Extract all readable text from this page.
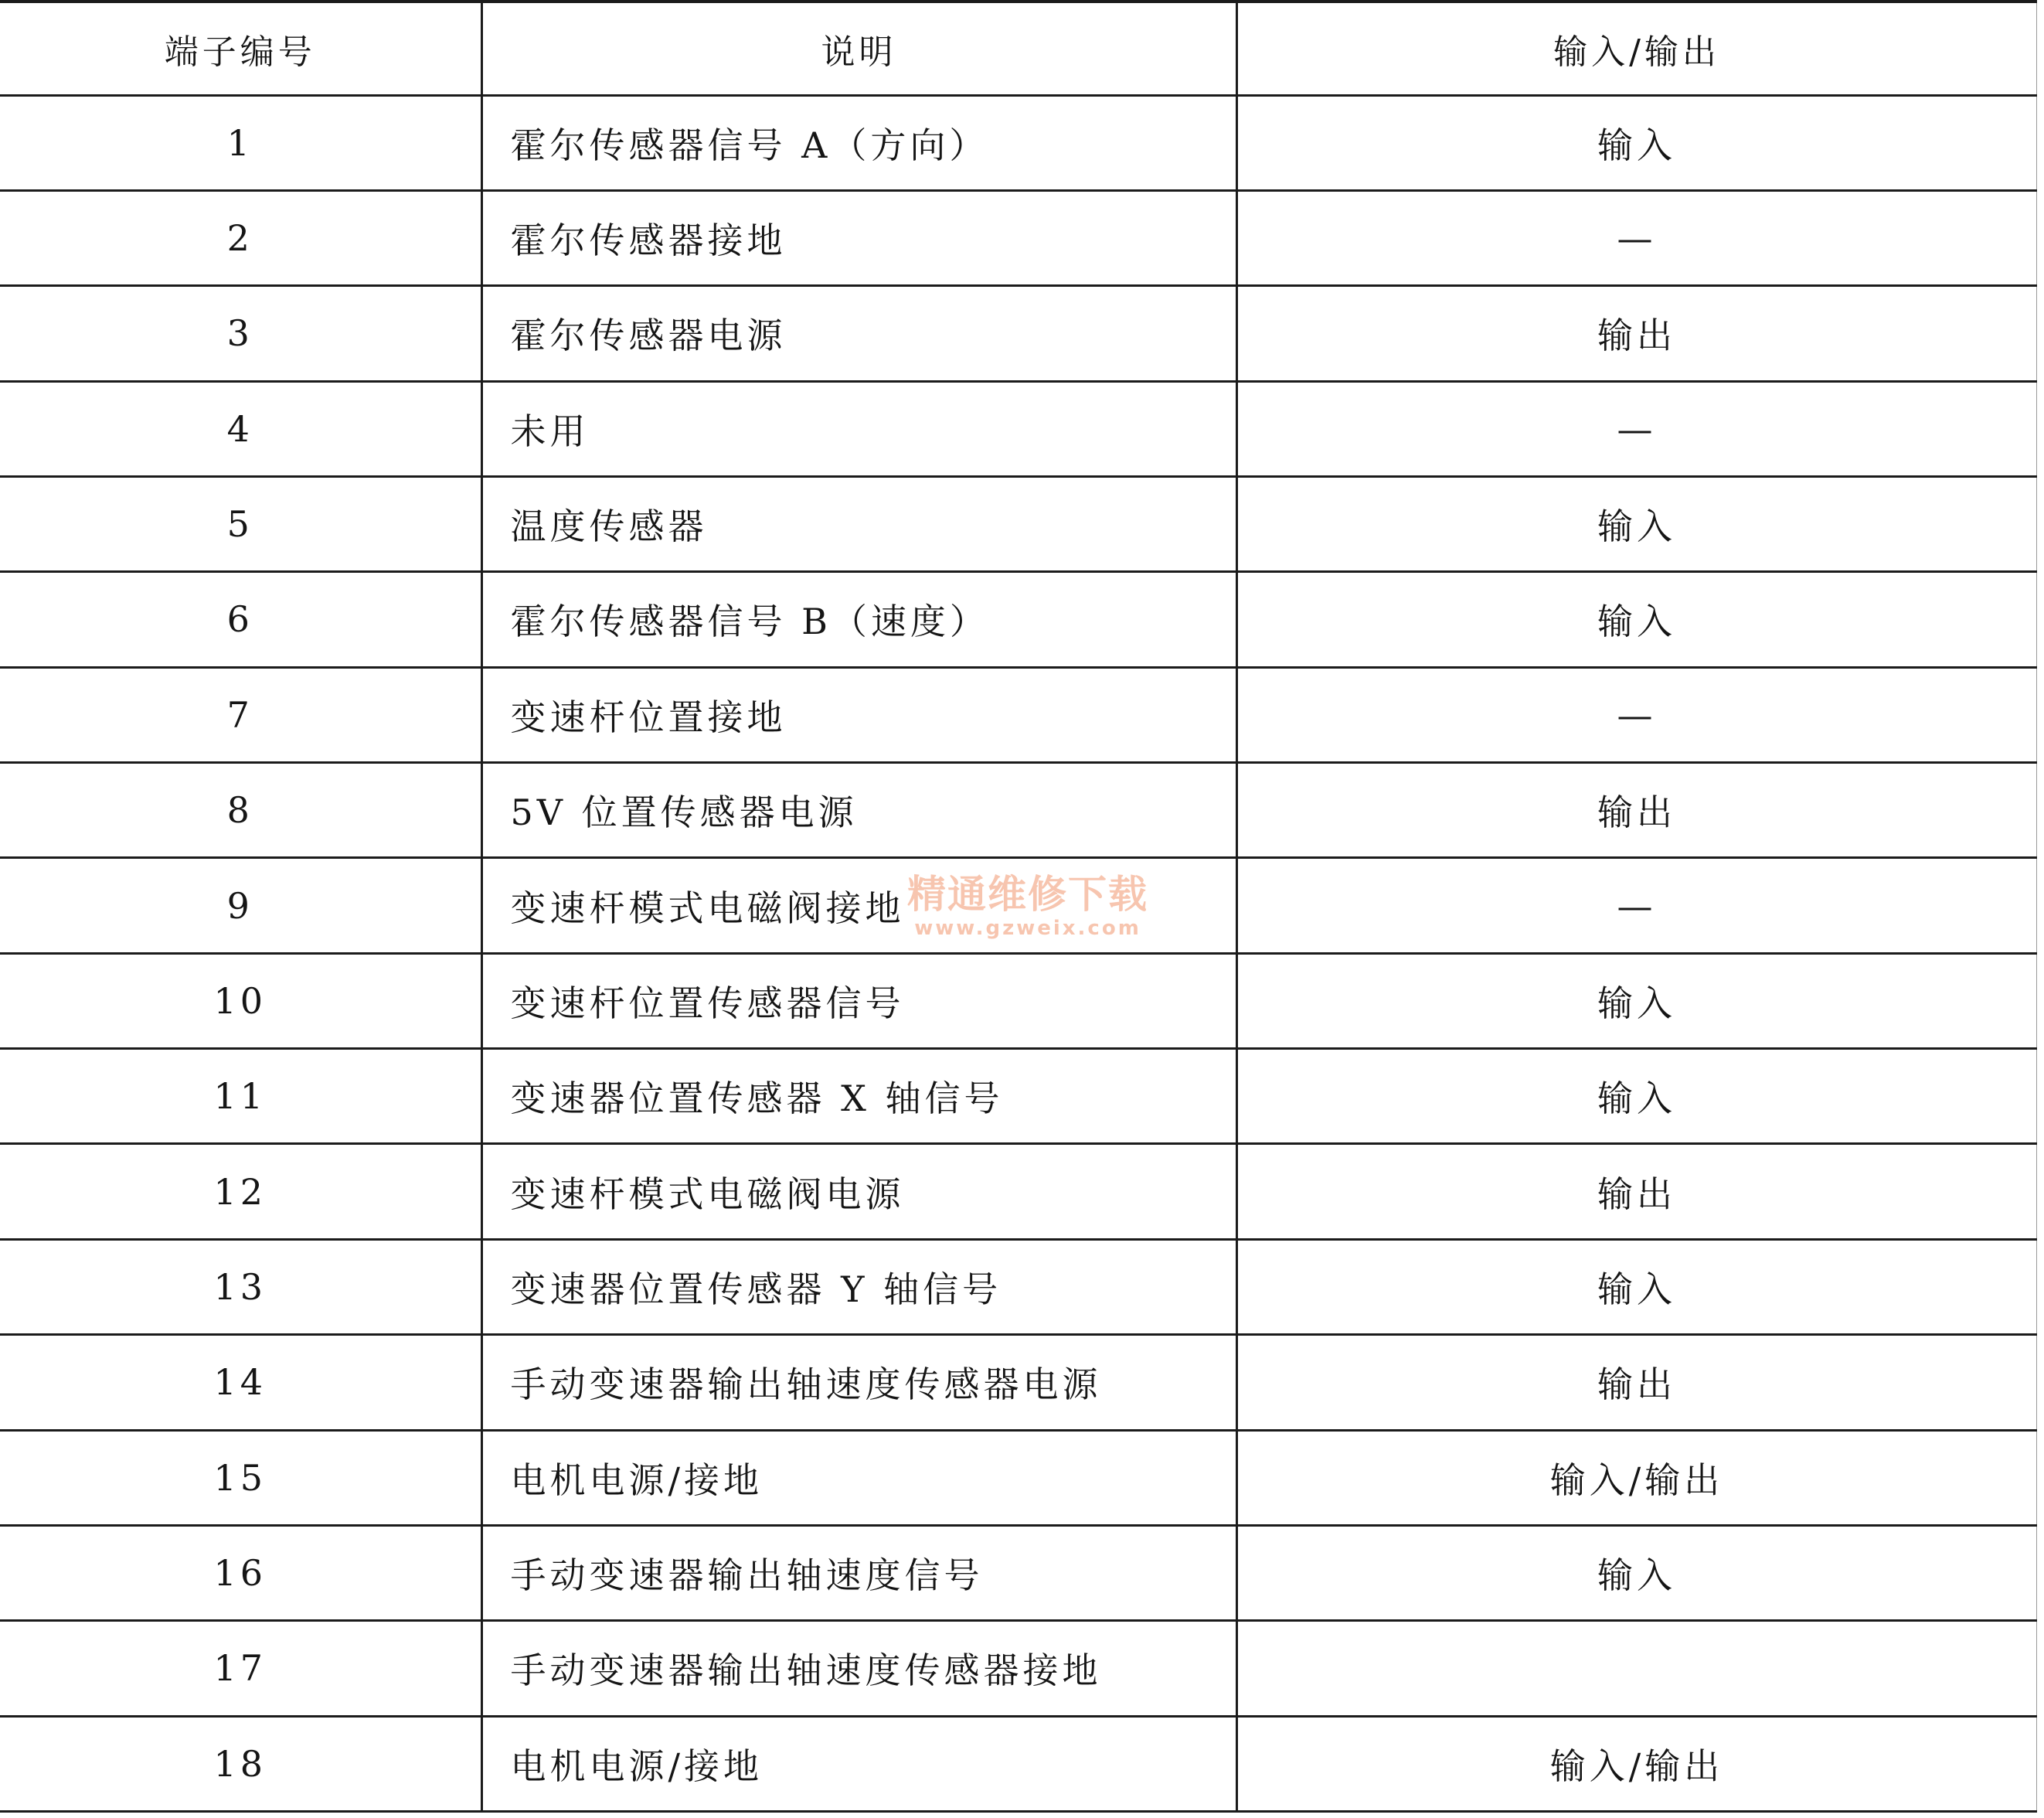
端子编号	说明	输入/输出
1	霍尔传感器信号 A（方向）	输入
2	霍尔传感器接地	—
3	霍尔传感器电源	输出
4	未用	—
5	温度传感器	输入
6	霍尔传感器信号 B（速度）	输入
7	变速杆位置接地	—
8	5V 位置传感器电源	输出
9	变速杆模式电磁阀接地	—
10	变速杆位置传感器信号	输入
11	变速器位置传感器 X 轴信号	输入
12	变速杆模式电磁阀电源	输出
13	变速器位置传感器 Y 轴信号	输入
14	手动变速器输出轴速度传感器电源	输出
15	电机电源/接地	输入/输出
16	手动变速器输出轴速度信号	输入
17	手动变速器输出轴速度传感器接地	
18	电机电源/接地	输入/输出
精通维修下载
www.gzweix.com
